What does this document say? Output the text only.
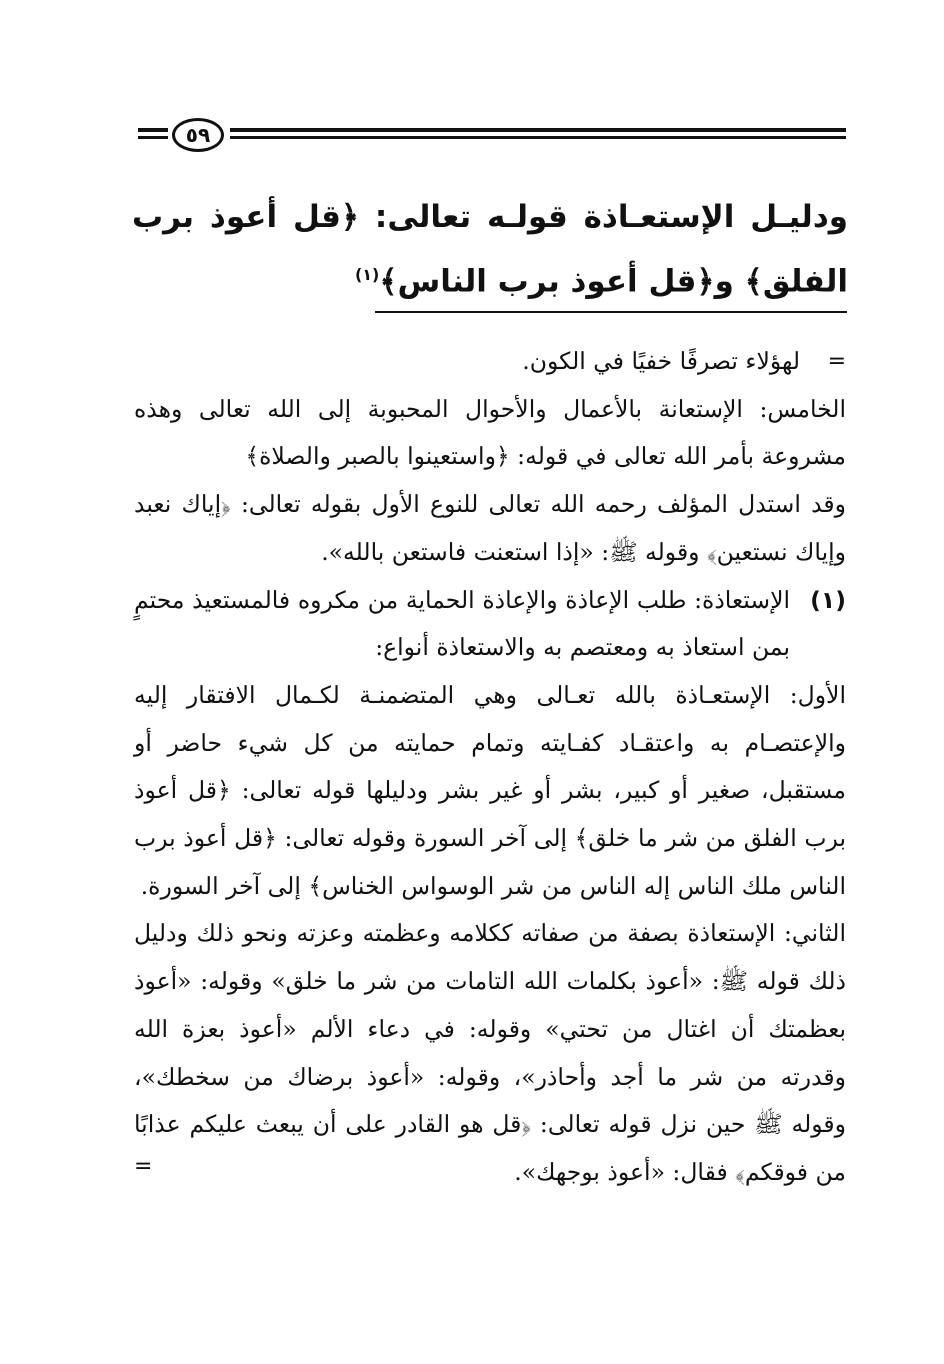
٥٩

ودليـل الإستعـاذة قولـه تعالى: ﴿قل أعوذ برب الفلق﴾ و﴿قل أعوذ برب الناس﴾$^{(١)}$

=
لهؤلاء تصرفًا خفيًا في الكون.

الخامس: الإستعانة بالأعمال والأحوال المحبوبة إلى الله تعالى وهذه مشروعة بأمر الله تعالى في قوله: ﴿واستعينوا بالصبر والصلاة﴾

وقد استدل المؤلف رحمه الله تعالى للنوع الأول بقوله تعالى: ﴿إياك نعبد وإياك نستعين﴾ وقوله ﷺ: «إذا استعنت فاستعن بالله».

(١)
الإستعاذة: طلب الإعاذة والإعاذة الحماية من مكروه فالمستعيذ محتمٍ بمن استعاذ به ومعتصم به والاستعاذة أنواع:

الأول: الإستعـاذة بالله تعـالى وهي المتضمنـة لكـمال الافتقار إليه والإعتصـام به واعتقـاد كفـايته وتمام حمايته من كل شيء حاضر أو مستقبل، صغير أو كبير، بشر أو غير بشر ودليلها قوله تعالى: ﴿قل أعوذ برب الفلق من شر ما خلق﴾ إلى آخر السورة وقوله تعالى: ﴿قل أعوذ برب الناس ملك الناس إله الناس من شر الوسواس الخناس﴾ إلى آخر السورة.

الثاني: الإستعاذة بصفة من صفاته ككلامه وعظمته وعزته ونحو ذلك ودليل ذلك قوله ﷺ: «أعوذ بكلمات الله التامات من شر ما خلق» وقوله: «أعوذ بعظمتك أن اغتال من تحتي» وقوله: في دعاء الألم «أعوذ بعزة الله وقدرته من شر ما أجد وأحاذر»، وقوله: «أعوذ برضاك من سخطك»، وقوله ﷺ حين نزل قوله تعالى: ﴿قل هو القادر على أن يبعث عليكم عذابًا من فوقكم﴾ فقال: «أعوذ بوجهك».

=
